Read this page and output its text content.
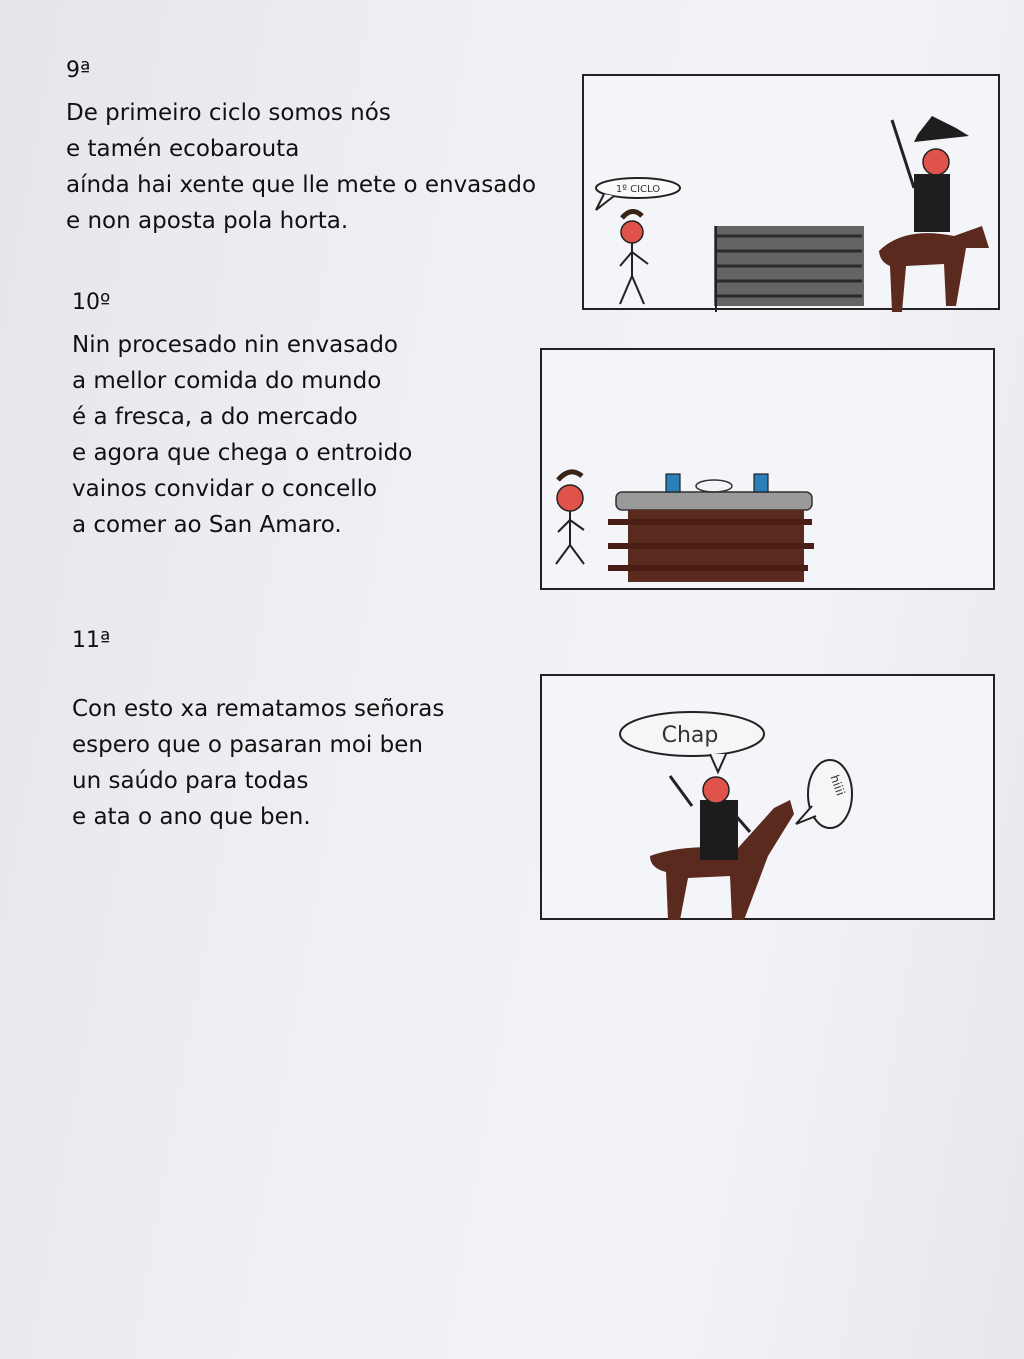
9ª
De primeiro ciclo somos nós
e tamén ecobarouta
aínda hai xente que lle mete o envasado
e non aposta pola horta.
10º
Nin procesado nin envasado
a mellor comida do mundo
é a fresca, a do mercado
e agora que chega o entroido
vainos convidar o concello
a comer ao San Amaro.
11ª
Con esto xa rematamos señoras
espero que o pasaran moi ben
un saúdo para todas
e ata o ano que ben.
1º CICLO
Chap
hiiii
